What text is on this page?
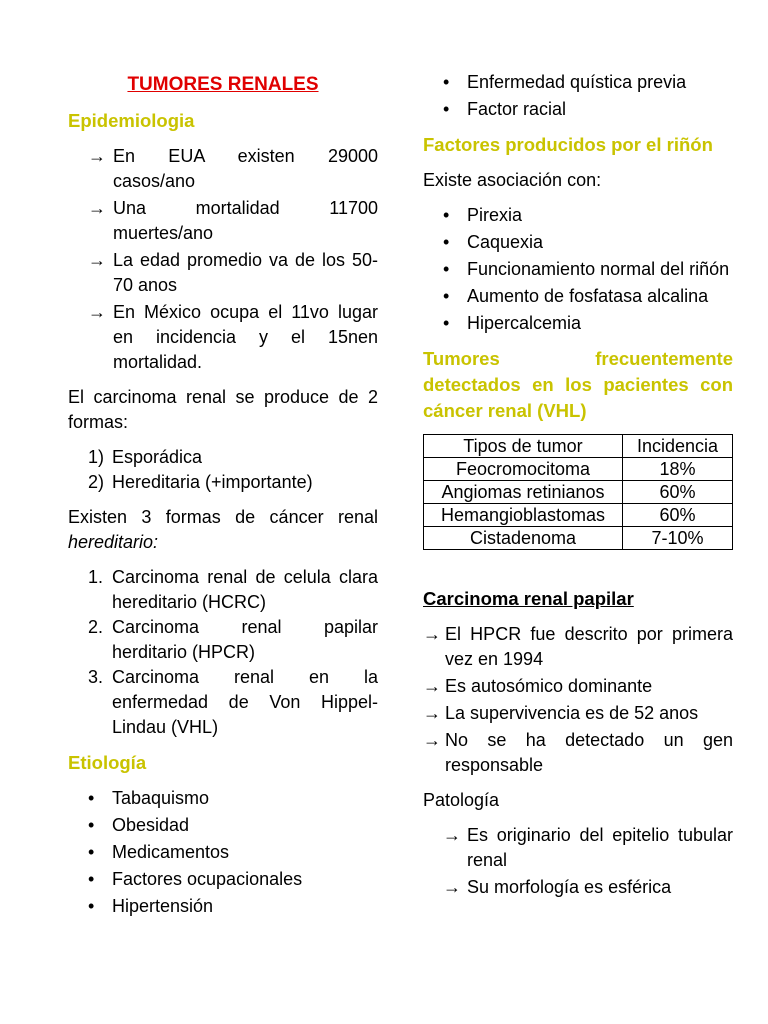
TUMORES RENALES
Epidemiologia
→ En EUA existen 29000 casos/ano
→ Una mortalidad 11700 muertes/ano
→ La edad promedio va de los 50-70 anos
→ En México ocupa el 11vo lugar en incidencia y el 15nen mortalidad.
El carcinoma renal se produce de 2 formas:
1) Esporádica
2) Hereditaria (+importante)
Existen 3 formas de cáncer renal hereditario:
1. Carcinoma renal de celula clara hereditario (HCRC)
2. Carcinoma renal papilar herditario (HPCR)
3. Carcinoma renal en la enfermedad de Von Hippel-Lindau (VHL)
Etiología
• Tabaquismo
• Obesidad
• Medicamentos
• Factores ocupacionales
• Hipertensión
• Enfermedad quística previa
• Factor racial
Factores producidos por el riñón
Existe asociación con:
• Pirexia
• Caquexia
• Funcionamiento normal del riñón
• Aumento de fosfatasa alcalina
• Hipercalcemia
Tumores frecuentemente detectados en los pacientes con cáncer renal (VHL)
Tipos de tumor	Incidencia
Feocromocitoma	18%
Angiomas retinianos	60%
Hemangioblastomas	60%
Cistadenoma	7-10%
Carcinoma renal papilar
→ El HPCR fue descrito por primera vez en 1994
→ Es autosómico dominante
→ La supervivencia es de 52 anos
→ No se ha detectado un gen responsable
Patología
→ Es originario del epitelio tubular renal
→ Su morfología es esférica
